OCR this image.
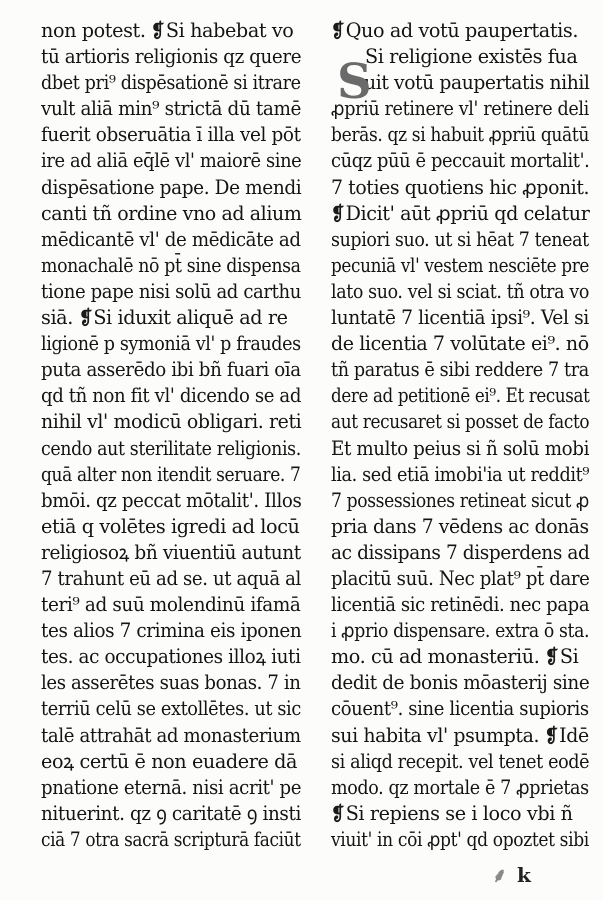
non potest. ❡Si habebat vo
tū artioris religionis qz quere
dbet pri⁹ dispēsationē si itrare
vult aliā min⁹ strictā dū tamē
fuerit obseruātia ī illa vel pōt
ire ad aliā eq̄lē vl' maiorē sine
dispēsatione pape. De mendi
canti tñ ordine vno ad alium
mēdicantē vl' de mēdicāte ad
monachalē nō pt̄ sine dispensa
tione pape nisi solū ad carthu
siā. ❡Si iduxit aliquē ad re
ligionē p symoniā vl' p fraudes
puta asserēdo ibi bñ fuari oīa
qd tñ non fit vl' dicendo se ad
nihil vl' modicū obligari. reti
cendo aut sterilitate religionis.
quā alter non itendit seruare. 7
bmōi. qz peccat mōtalit'. Illos
etiā q volētes igredi ad locū
religiosoꝝ bñ viuentiū autunt
7 trahunt eū ad se. ut aquā al
teri⁹ ad suū molendinū ifamā
tes alios 7 crimina eis iponen
tes. ac occupationes illoꝝ iuti
les asserētes suas bonas. 7 in
terriū celū se extollētes. ut sic
talē attrahāt ad monasterium
eoꝝ certū ē non euadere dā
pnatione eternā. nisi acrit' pe
nituerint. qz ꝯ caritatē ꝯ insti
ciā 7 otra sacrā scripturā faciūt
❡Quo ad votū paupertatis.
Si religione existēs fua
uit votū paupertatis nihil
ꝓpriū retinere vl' retinere deli
berās. qz si habuit ꝓpriū quātū
cūqz pūū ē peccauit mortalit'.
7 toties quotiens hic ꝓponit.
❡Dicit' aūt ꝓpriū qd celatur
supiori suo. ut si hēat 7 teneat
pecuniā vl' vestem nesciēte pre
lato suo. vel si sciat. tñ otra vo
luntatē 7 licentiā ipsi⁹. Vel si
de licentia 7 volūtate ei⁹. nō
tñ paratus ē sibi reddere 7 tra
dere ad petitionē ei⁹. Et recusat
aut recusaret si posset de facto
Et multo peius si ñ solū mobi
lia. sed etiā imobi'ia ut reddit⁹
7 possessiones retineat sicut ꝓ
pria dans 7 vēdens ac donās
ac dissipans 7 disperdens ad
placitū suū. Nec plat⁹ pt̄ dare
licentiā sic retinēdi. nec papa
i ꝓprio dispensare. extra ō sta.
mo. cū ad monasteriū. ❡Si
dedit de bonis mōasterij sine
cōuent⁹. sine licentia supioris
sui habita vl' psumpta. ❡Idē
si aliqd recepit. vel tenet eodē
modo. qz mortale ē 7 ꝓprietas
❡Si repiens se i loco vbi ñ
viuit' in cōi ꝓpt' qd opoztet sibi
S
⸙ k
